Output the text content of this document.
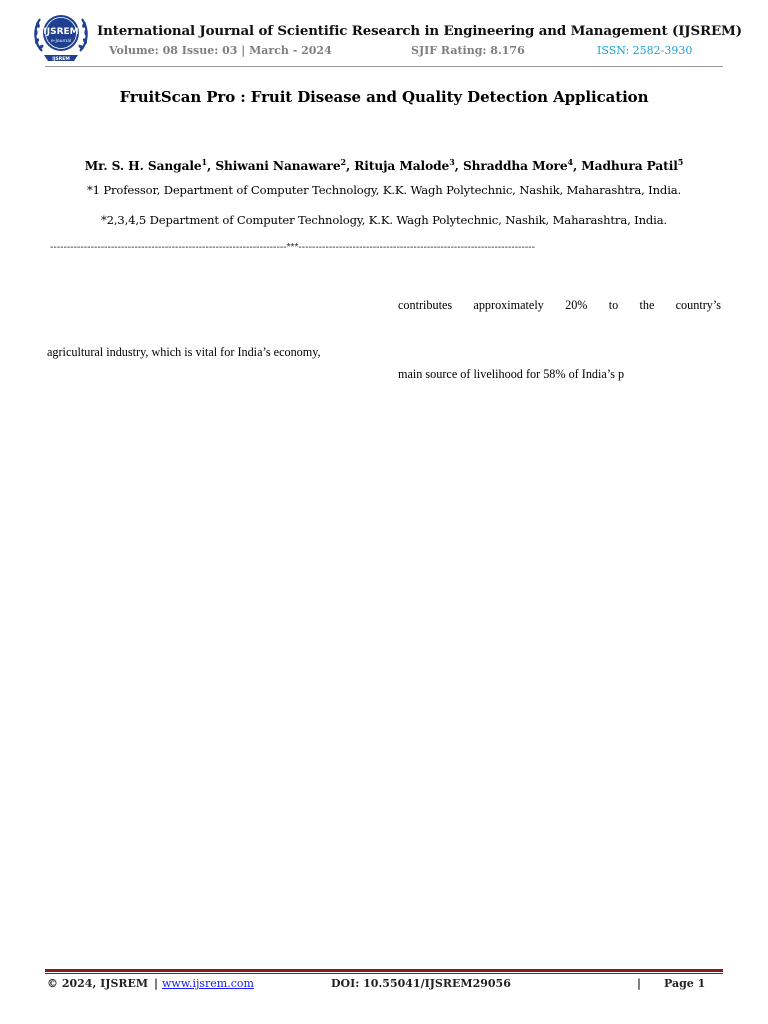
IJSREM
e-Journal
IJSREM
International Journal of Scientific Research in Engineering and Management (IJSREM)
Volume: 08 Issue: 03 | March - 2024	SJIF Rating: 8.176	ISSN: 2582-3930
FruitScan Pro : Fruit Disease and Quality Detection Application
Mr. S. H. Sangale$^1$, Shiwani Nanaware$^2$, Rituja Malode$^3$, Shraddha More$^4$, Madhura Patil$^5$
*1 Professor, Department of Computer Technology, K.K. Wagh Polytechnic, Nashik, Maharashtra, India.
*2,3,4,5 Department of Computer Technology, K.K. Wagh Polytechnic, Nashik, Maharashtra, India.
----------------------------------------------------------------------***----------------------------------------------------------------------
contributes approximately 20% to the country’s
agricultural industry, which is vital for India’s economy,
main source of livelihood for 58% of India’s p
© 2024, IJSREM | www.ijsrem.com	DOI: 10.55041/IJSREM29056	| Page 1
